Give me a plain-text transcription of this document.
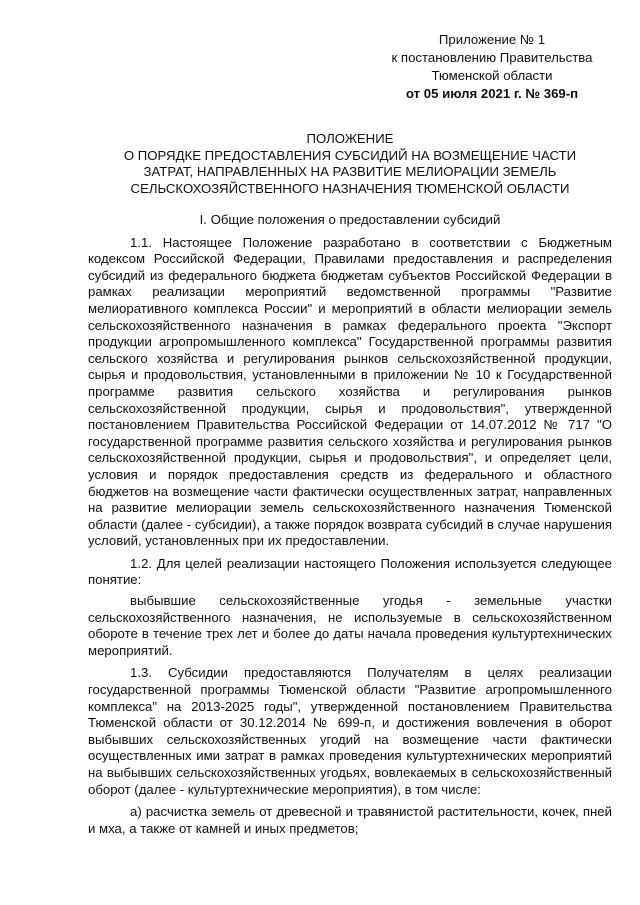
Приложение № 1
к постановлению Правительства
Тюменской области
от 05 июля 2021 г. № 369-п
ПОЛОЖЕНИЕ
О ПОРЯДКЕ ПРЕДОСТАВЛЕНИЯ СУБСИДИЙ НА ВОЗМЕЩЕНИЕ ЧАСТИ
ЗАТРАТ, НАПРАВЛЕННЫХ НА РАЗВИТИЕ МЕЛИОРАЦИИ ЗЕМЕЛЬ
СЕЛЬСКОХОЗЯЙСТВЕННОГО НАЗНАЧЕНИЯ ТЮМЕНСКОЙ ОБЛАСТИ
I. Общие положения о предоставлении субсидий

1.1. Настоящее Положение разработано в соответствии с Бюджетным кодексом Российской Федерации, Правилами предоставления и распределения субсидий из федерального бюджета бюджетам субъектов Российской Федерации в рамках реализации мероприятий ведомственной программы "Развитие мелиоративного комплекса России" и мероприятий в области мелиорации земель сельскохозяйственного назначения в рамках федерального проекта "Экспорт продукции агропромышленного комплекса" Государственной программы развития сельского хозяйства и регулирования рынков сельскохозяйственной продукции, сырья и продовольствия, установленными в приложении № 10 к Государственной программе развития сельского хозяйства и регулирования рынков сельскохозяйственной продукции, сырья и продовольствия", утвержденной постановлением Правительства Российской Федерации от 14.07.2012 № 717 "О государственной программе развития сельского хозяйства и регулирования рынков сельскохозяйственной продукции, сырья и продовольствия", и определяет цели, условия и порядок предоставления средств из федерального и областного бюджетов на возмещение части фактически осуществленных затрат, направленных на развитие мелиорации земель сельскохозяйственного назначения Тюменской области (далее - субсидии), а также порядок возврата субсидий в случае нарушения условий, установленных при их предоставлении.

1.2. Для целей реализации настоящего Положения используется следующее понятие:

выбывшие сельскохозяйственные угодья - земельные участки сельскохозяйственного назначения, не используемые в сельскохозяйственном обороте в течение трех лет и более до даты начала проведения культуртехнических мероприятий.

1.3. Субсидии предоставляются Получателям в целях реализации государственной программы Тюменской области "Развитие агропромышленного комплекса" на 2013-2025 годы", утвержденной постановлением Правительства Тюменской области от 30.12.2014 № 699-п, и достижения вовлечения в оборот выбывших сельскохозяйственных угодий на возмещение части фактически осуществленных ими затрат в рамках проведения культуртехнических мероприятий на выбывших сельскохозяйственных угодьях, вовлекаемых в сельскохозяйственный оборот (далее - культуртехнические мероприятия), в том числе:

а) расчистка земель от древесной и травянистой растительности, кочек, пней и мха, а также от камней и иных предметов;
